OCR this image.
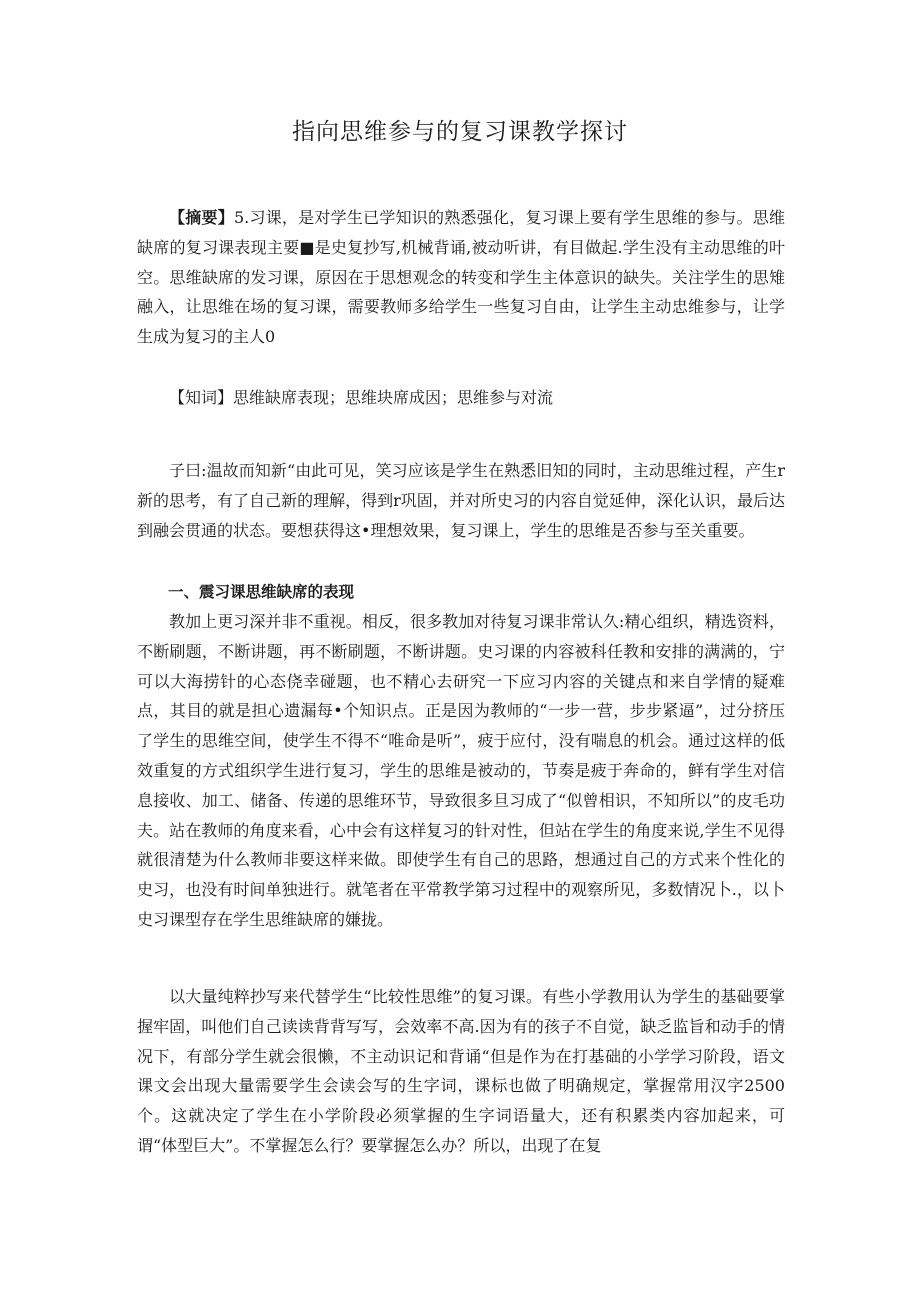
指向思维参与的复习课教学探讨

【摘要】5.习课，是对学生已学知识的熟悉强化，复习课上要有学生思维的参与。思维缺席的复习课表现主要■是史复抄写,机械背诵,被动听讲，有目做起.学生没有主动思维的叶空。思维缺席的发习课，原因在于思想观念的转变和学生主体意识的缺失。关注学生的思雉融入，让思维在场的复习课，需要教师多给学生一些复习自由，让学生主动忠维参与，让学生成为复习的主人0

【知词】思维缺席表现；思维块席成因；思维参与对流

子曰:温故而知新“由此可见，笑习应该是学生在熟悉旧知的同时，主动思维过程，产生r新的思考，有了自己新的理解，得到r巩固，并对所史习的内容自觉延伸，深化认识，最后达到融会贯通的状态。要想获得这•理想效果，复习课上，学生的思维是否参与至关重要。

一、震习课思维缺席的表现

教加上更习深并非不重视。相反，很多教加对待复习课非常认久:精心组织，精选资料，不断刷题，不断讲题，再不断刷题，不断讲题。史习课的内容被科任教和安排的满满的，宁可以大海捞针的心态侥幸碰题，也不精心去研究一下应习内容的关键点和来自学情的疑难点，其目的就是担心遗漏每•个知识点。正是因为教师的“一步一营，步步紧逼”，过分挤压了学生的思维空间，使学生不得不“唯命是听”，疲于应付，没有喘息的机会。通过这样的低效重复的方式组织学生进行复习，学生的思维是被动的，节奏是疲于奔命的，鲜有学生对信息接收、加工、储备、传递的思维环节，导致很多旦习成了“似曾相识，不知所以”的皮毛功夫。站在教师的角度来看，心中会有这样复习的针对性，但站在学生的角度来说,学生不见得就很清楚为什么教师非要这样来做。即使学生有自己的思路，想通过自己的方式来个性化的史习，也没有时间单独进行。就笔者在平常教学第习过程中的观察所见，多数情况卜.，以卜史习课型存在学生思维缺席的嫌拢。

以大量纯粹抄写来代替学生“比较性思维”的复习课。有些小学教用认为学生的基础要掌握牢固，叫他们自己读读背背写写，会效率不高.因为有的孩子不自觉，缺乏监旨和动手的情况下，有部分学生就会很懒，不主动识记和背诵“但是作为在打基础的小学学习阶段，语文课文会出现大量需要学生会读会写的生字词，课标也做了明确规定，掌握常用汉字2500个。这就决定了学生在小学阶段必须掌握的生字词语量大，还有积累类内容加起来，可谓“体型巨大”。不掌握怎么行？要掌握怎么办？所以，出现了在复
